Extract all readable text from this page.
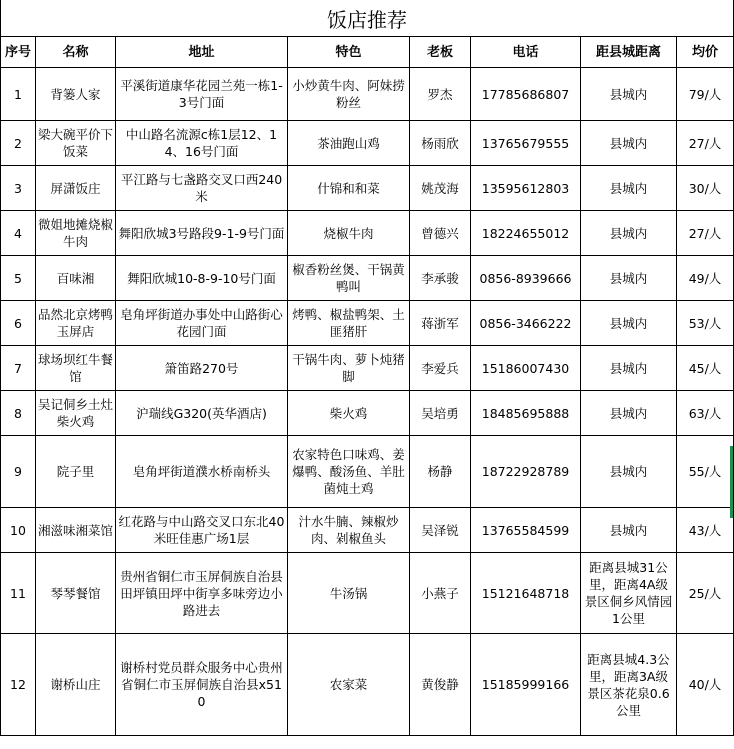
饭店推荐
序号	名称	地址	特色	老板	电话	距县城距离	均价
1	背篓人家	平溪街道康华花园兰苑一栋1-3号门面	小炒黄牛肉、阿妹捞粉丝	罗杰	17785686807	县城内	79/人
2	梁大碗平价下饭菜	中山路名流源c栋1层12、14、16号门面	茶油跑山鸡	杨雨欣	13765679555	县城内	27/人
3	屏潇饭庄	平江路与七盏路交叉口西240米	什锦和和菜	姚茂海	13595612803	县城内	30/人
4	微姐地摊烧椒牛肉	舞阳欣城3号路段9-1-9号门面	烧椒牛肉	曾德兴	18224655012	县城内	27/人
5	百味湘	舞阳欣城10-8-9-10号门面	椒香粉丝煲、干锅黄鸭叫	李承骏	0856-8939666	县城内	49/人
6	品然北京烤鸭玉屏店	皂角坪街道办事处中山路街心花园门面	烤鸭、椒盐鸭架、土匪猪肝	蒋浙军	0856-3466222	县城内	53/人
7	球场坝红牛餐馆	箫笛路270号	干锅牛肉、萝卜炖猪脚	李爱兵	15186007430	县城内	45/人
8	吴记侗乡土灶柴火鸡	沪瑞线G320(英华酒店)	柴火鸡	吴培勇	18485695888	县城内	63/人
9	院子里	皂角坪街道濮水桥南桥头	农家特色口味鸡、姜爆鸭、酸汤鱼、羊肚菌炖土鸡	杨静	18722928789	县城内	55/人
10	湘滋味湘菜馆	红花路与中山路交叉口东北40米旺佳惠广场1层	汁水牛腩、辣椒炒肉、剁椒鱼头	吴泽锐	13765584599	县城内	43/人
11	琴琴餐馆	贵州省铜仁市玉屏侗族自治县田坪镇田坪中街享多味旁边小路进去	牛汤锅	小燕子	15121648718	距离县城31公里，距离4A级景区侗乡风情园1公里	25/人
12	谢桥山庄	谢桥村党员群众服务中心贵州省铜仁市玉屏侗族自治县x510	农家菜	黄俊静	15185999166	距离县城4.3公里，距离3A级景区茶花泉0.6公里	40/人
